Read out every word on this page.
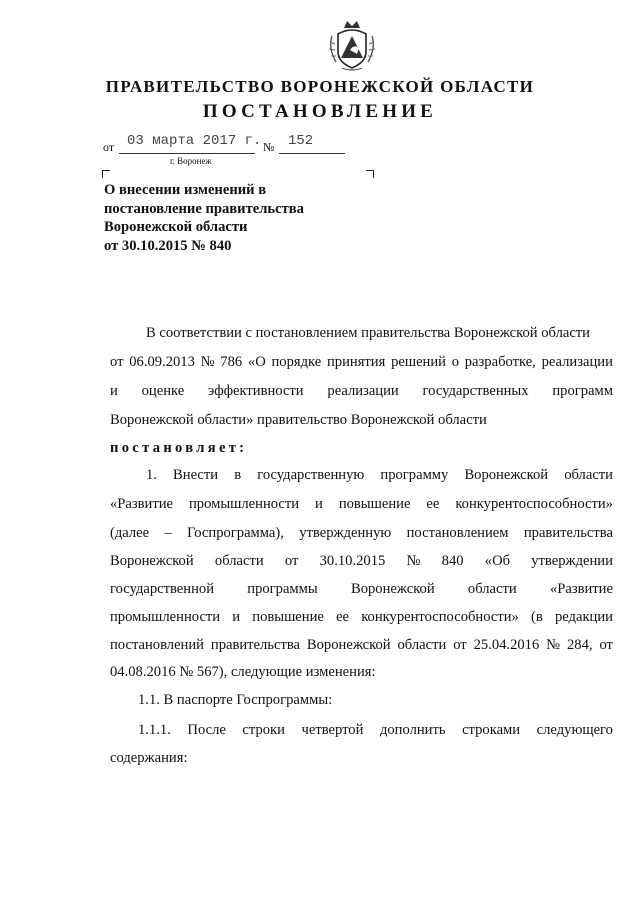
ПРАВИТЕЛЬСТВО ВОРОНЕЖСКОЙ ОБЛАСТИ
ПОСТАНОВЛЕНИЕ
от 03 марта 2017 г. № 152
г. Воронеж
О внесении изменений в
постановление правительства
Воронежской области
от 30.10.2015 № 840
В соответствии с постановлением правительства Воронежской области
от 06.09.2013 № 786 «О порядке принятия решений о разработке, реализации
и оценке эффективности реализации государственных программ
Воронежской области» правительство Воронежской области
постановляет:
1. Внести в государственную программу Воронежской области
«Развитие промышленности и повышение ее конкурентоспособности»
(далее – Госпрограмма), утвержденную постановлением правительства
Воронежской области от 30.10.2015 № 840 «Об утверждении
государственной программы Воронежской области «Развитие
промышленности и повышение ее конкурентоспособности» (в редакции
постановлений правительства Воронежской области от 25.04.2016 № 284, от
04.08.2016 № 567), следующие изменения:
1.1. В паспорте Госпрограммы:
1.1.1. После строки четвертой дополнить строками следующего
содержания:
